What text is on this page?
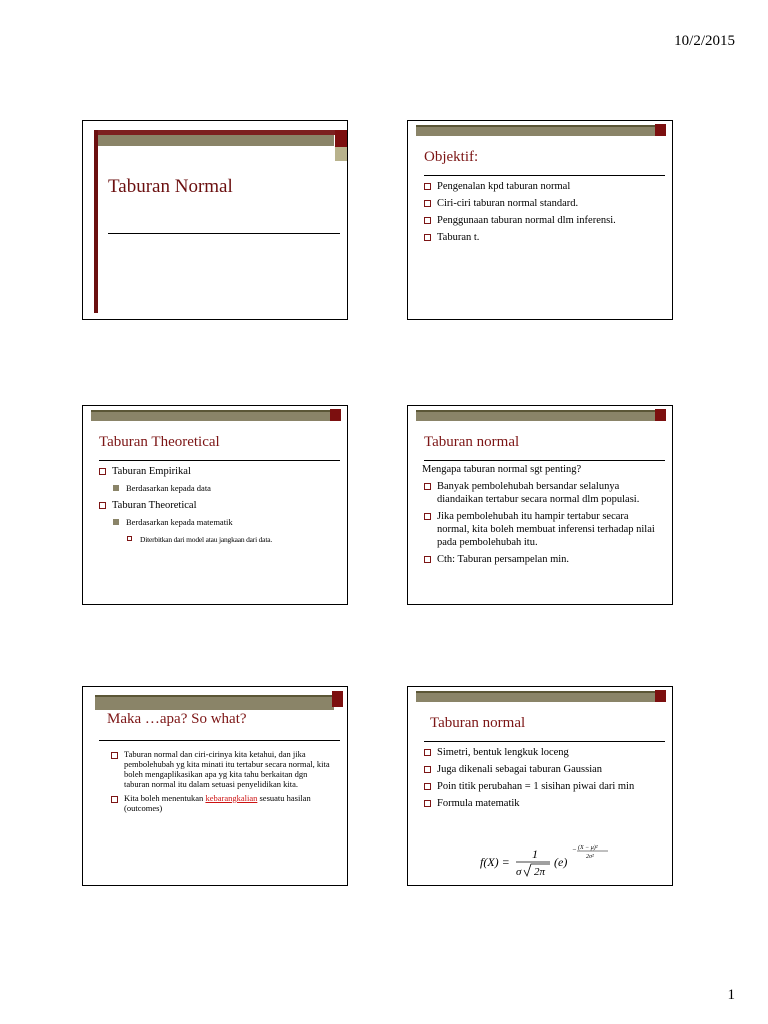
10/2/2015
Taburan Normal
Objektif:
Pengenalan kpd taburan normal
Ciri-ciri taburan normal standard.
Penggunaan taburan normal dlm inferensi.
Taburan t.
Taburan Theoretical
Taburan Empirikal
Berdasarkan kepada data
Taburan Theoretical
Berdasarkan kepada matematik
Diterbitkan dari model atau jangkaan dari data.
Taburan normal
Mengapa taburan normal sgt penting?
Banyak pembolehubah bersandar selalunya diandaikan tertabur secara normal dlm populasi.
Jika pembolehubah itu hampir tertabur secara normal, kita boleh membuat inferensi terhadap nilai pada pembolehubah itu.
Cth: Taburan persampelan min.
Maka …apa? So what?
Taburan normal dan ciri-cirinya kita ketahui, dan jika pembolehubah yg kita minati itu tertabur secara normal, kita boleh mengaplikasikan apa yg kita tahu berkaitan dgn taburan normal itu dalam setuasi penyelidikan kita.
Kita boleh menentukan kebarangkalian sesuatu hasilan (outcomes)
Taburan normal
Simetri, bentuk lengkuk loceng
Juga dikenali sebagai taburan Gaussian
Poin titik perubahan = 1 sisihan piwai dari min
Formula matematik
f(X) =
1
σ 2π
(e)
− (X − μ)²
2σ²
1
